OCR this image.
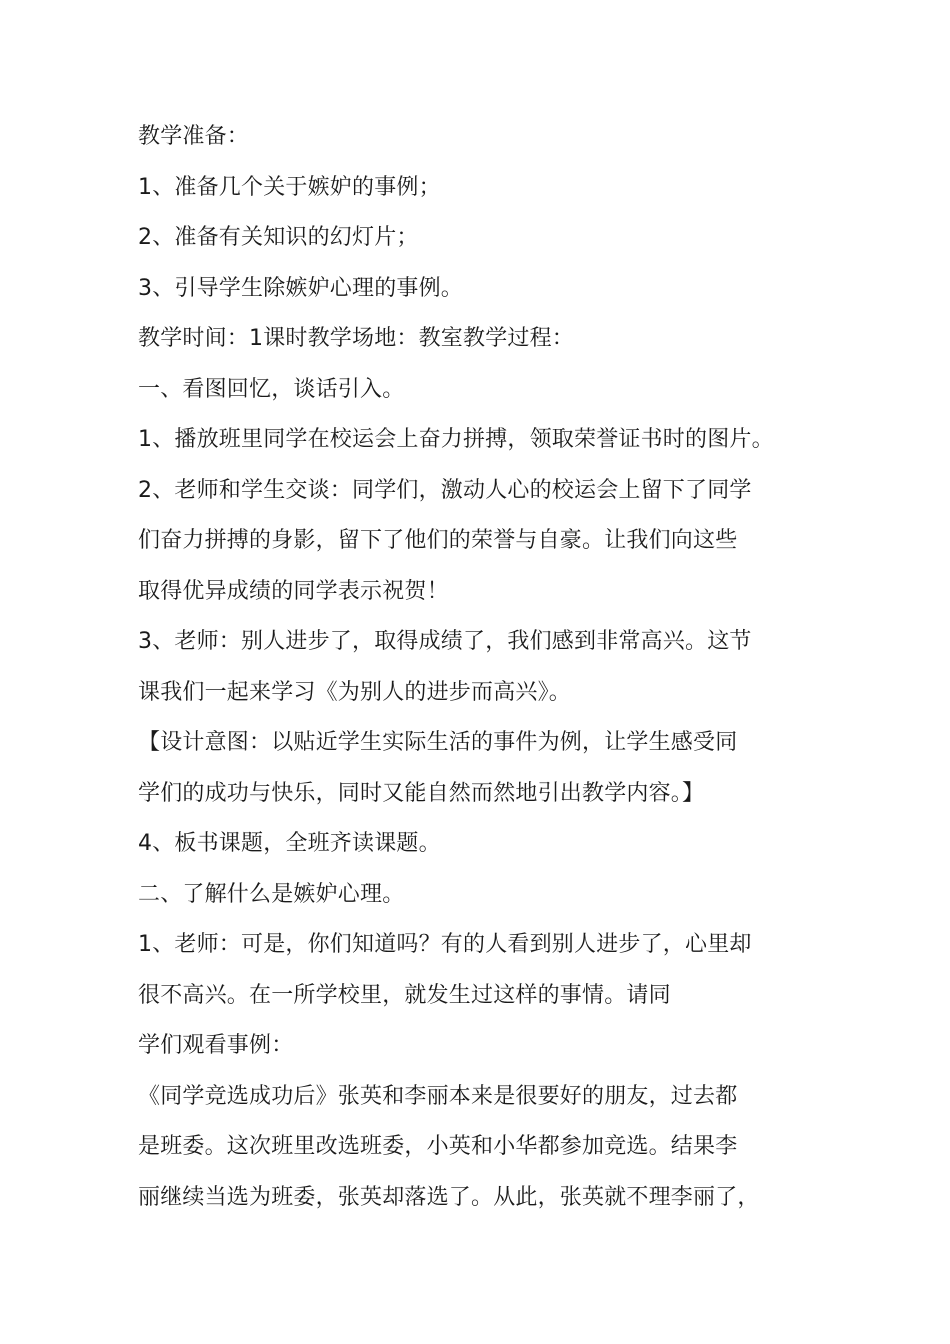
教学准备：
1、准备几个关于嫉妒的事例；
2、准备有关知识的幻灯片；
3、引导学生除嫉妒心理的事例。
教学时间：1课时教学场地：教室教学过程：
一、看图回忆，谈话引入。
1、播放班里同学在校运会上奋力拼搏，领取荣誉证书时的图片。
2、老师和学生交谈：同学们，激动人心的校运会上留下了同学
们奋力拼搏的身影，留下了他们的荣誉与自豪。让我们向这些
取得优异成绩的同学表示祝贺！
3、老师：别人进步了，取得成绩了，我们感到非常高兴。这节
课我们一起来学习《为别人的进步而高兴》。
【设计意图：以贴近学生实际生活的事件为例，让学生感受同
学们的成功与快乐，同时又能自然而然地引出教学内容。】
4、板书课题，全班齐读课题。
二、了解什么是嫉妒心理。
1、老师：可是，你们知道吗？有的人看到别人进步了，心里却
很不高兴。在一所学校里，就发生过这样的事情。请同
学们观看事例：
《同学竞选成功后》张英和李丽本来是很要好的朋友，过去都
是班委。这次班里改选班委，小英和小华都参加竞选。结果李
丽继续当选为班委，张英却落选了。从此，张英就不理李丽了，
